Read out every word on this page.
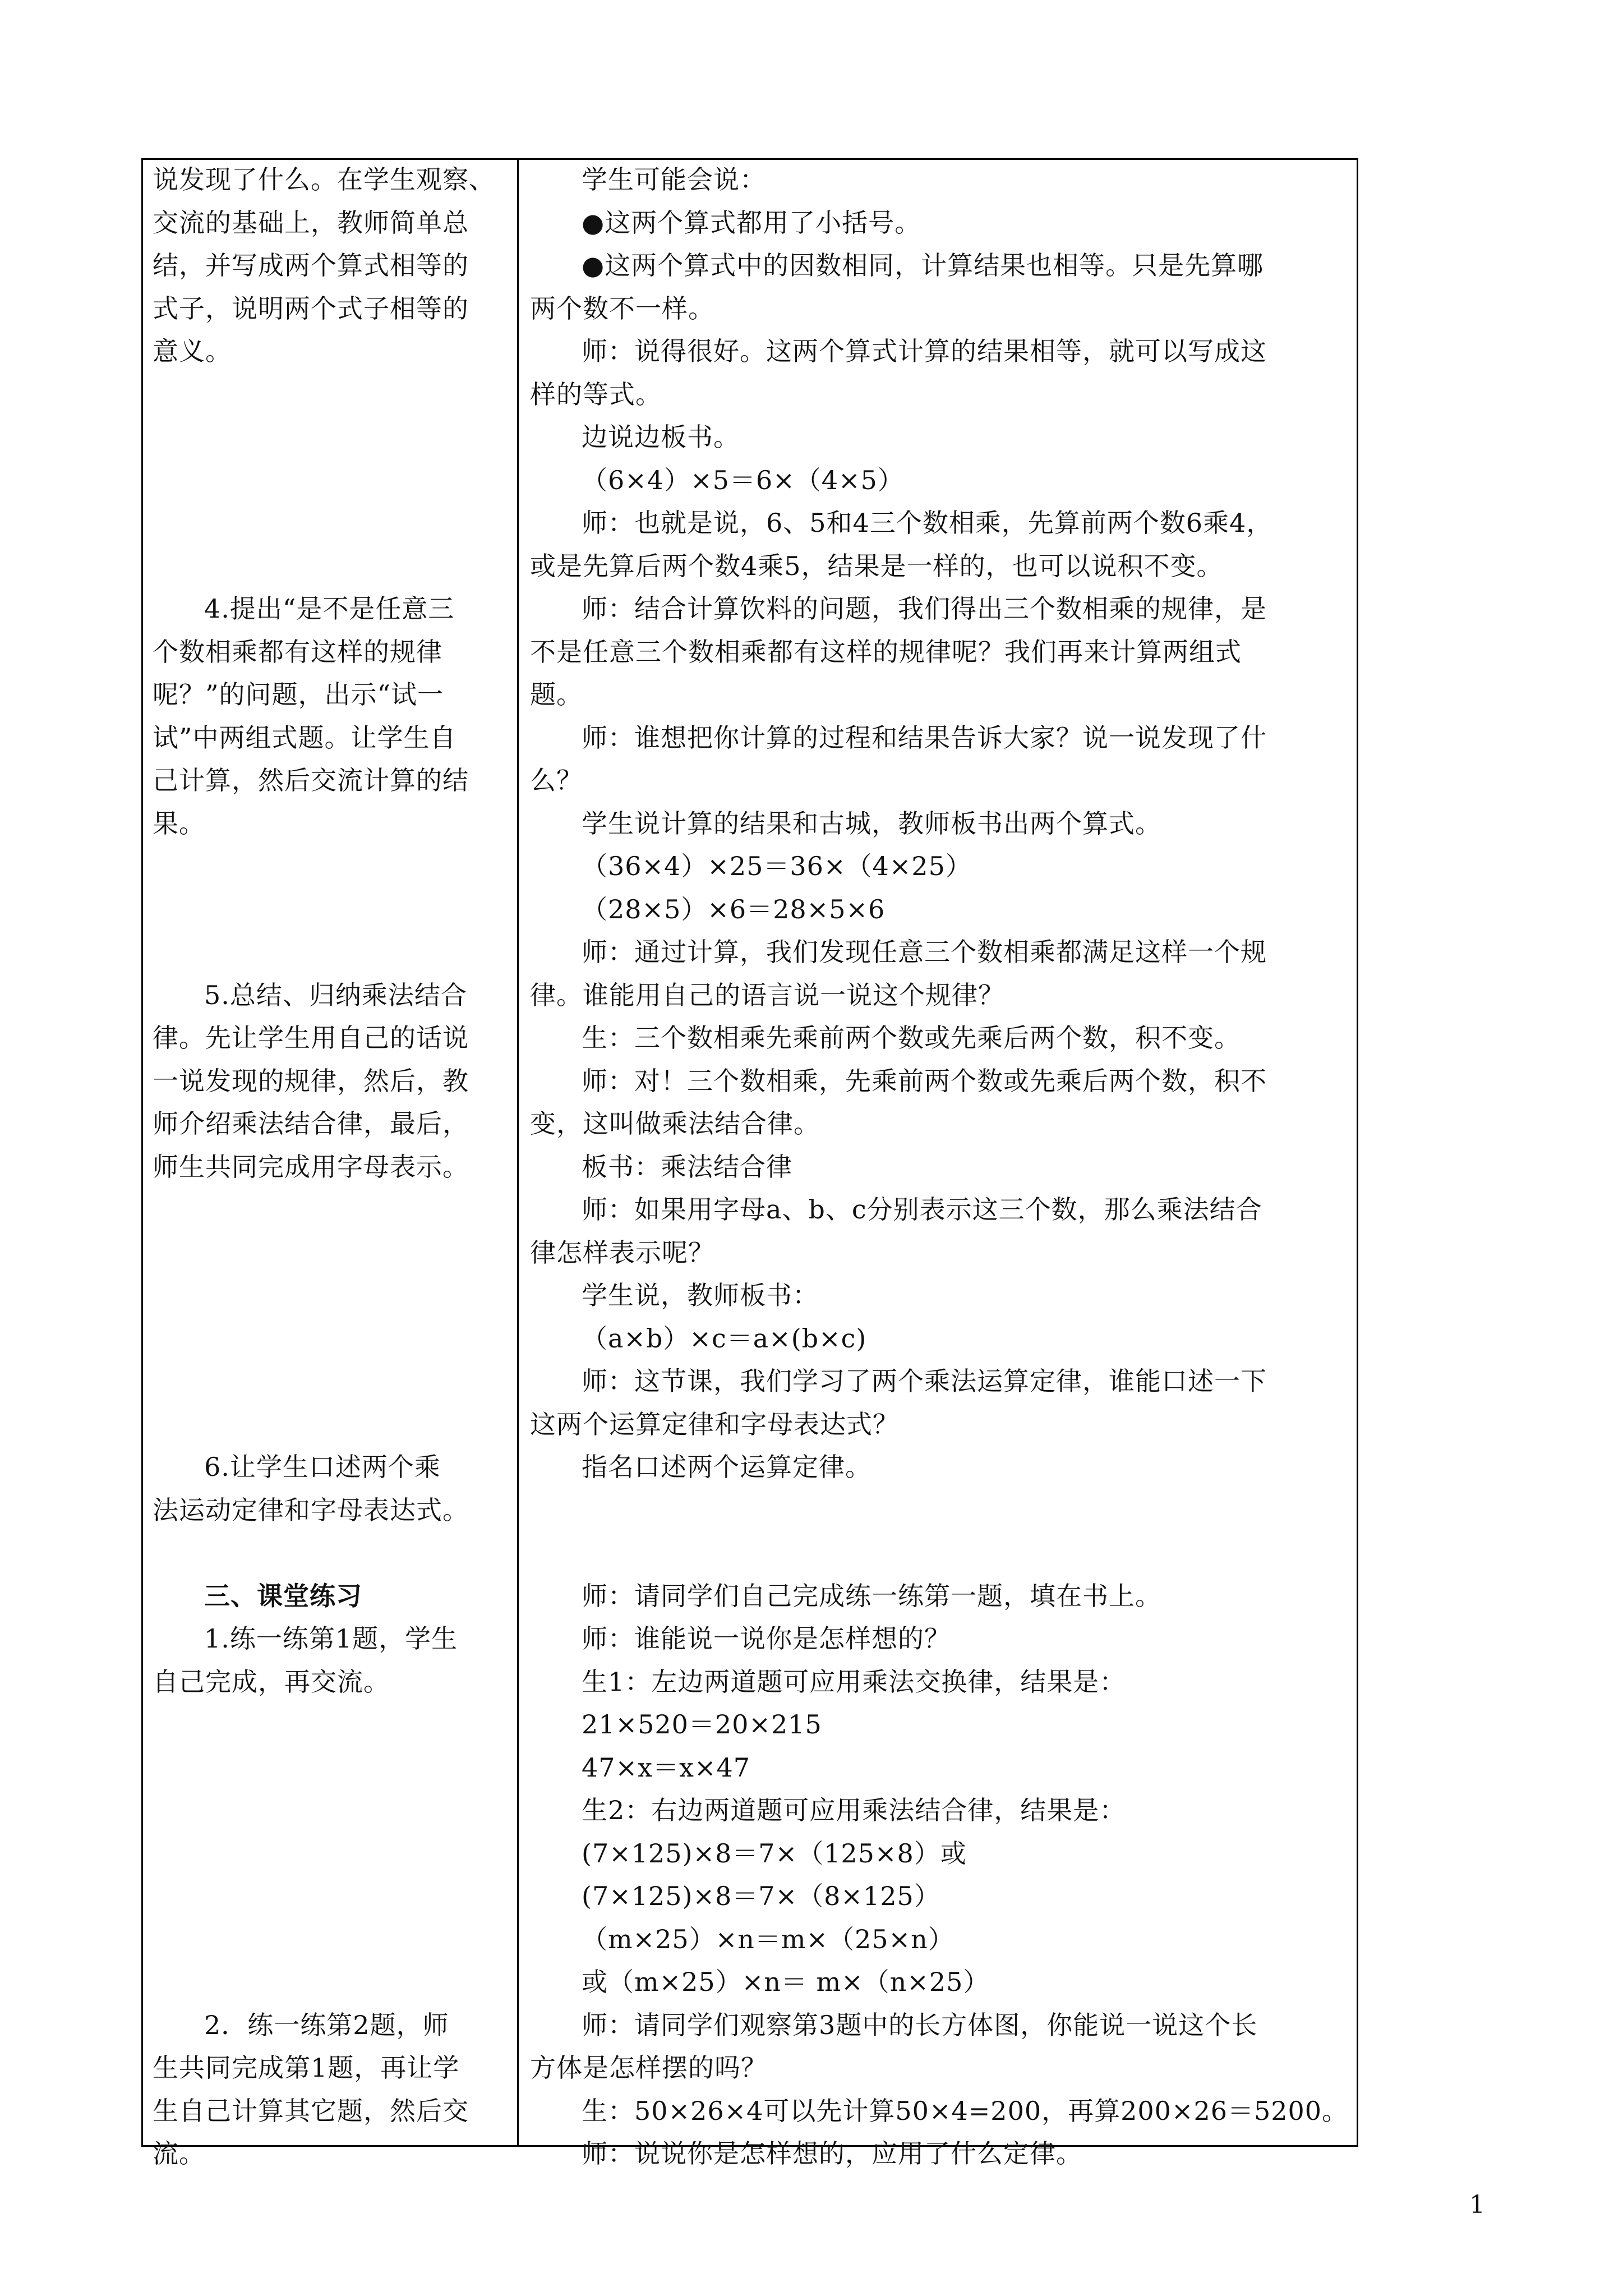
说发现了什么。在学生观察、
交流的基础上，教师简单总
结，并写成两个算式相等的
式子，说明两个式子相等的
意义。
4.提出“是不是任意三
个数相乘都有这样的规律
呢？”的问题，出示“试一
试”中两组式题。让学生自
己计算，然后交流计算的结
果。
5.总结、归纳乘法结合
律。先让学生用自己的话说
一说发现的规律，然后，教
师介绍乘法结合律，最后，
师生共同完成用字母表示。
6.让学生口述两个乘
法运动定律和字母表达式。
三、课堂练习
1.练一练第1题，学生
自己完成，再交流。
2．练一练第2题，师
生共同完成第1题，再让学
生自己计算其它题，然后交
流。
学生可能会说：
●这两个算式都用了小括号。
●这两个算式中的因数相同，计算结果也相等。只是先算哪
两个数不一样。
师：说得很好。这两个算式计算的结果相等，就可以写成这
样的等式。
边说边板书。
（6×4）×5＝6×（4×5）
师：也就是说，6、5和4三个数相乘，先算前两个数6乘4，
或是先算后两个数4乘5，结果是一样的，也可以说积不变。
师：结合计算饮料的问题，我们得出三个数相乘的规律，是
不是任意三个数相乘都有这样的规律呢？我们再来计算两组式
题。
师：谁想把你计算的过程和结果告诉大家？说一说发现了什
么？
学生说计算的结果和古城，教师板书出两个算式。
（36×4）×25＝36×（4×25）
（28×5）×6＝28×5×6
师：通过计算，我们发现任意三个数相乘都满足这样一个规
律。谁能用自己的语言说一说这个规律？
生：三个数相乘先乘前两个数或先乘后两个数，积不变。
师：对！三个数相乘，先乘前两个数或先乘后两个数，积不
变，这叫做乘法结合律。
板书：乘法结合律
师：如果用字母a、b、c分别表示这三个数，那么乘法结合
律怎样表示呢？
学生说，教师板书：
（a×b）×c＝a×(b×c)
师：这节课，我们学习了两个乘法运算定律，谁能口述一下
这两个运算定律和字母表达式？
指名口述两个运算定律。
师：请同学们自己完成练一练第一题，填在书上。
师：谁能说一说你是怎样想的？
生1：左边两道题可应用乘法交换律，结果是：
21×520＝20×215
47×x＝x×47
生2：右边两道题可应用乘法结合律，结果是：
(7×125)×8＝7×（125×8）或
(7×125)×8＝7×（8×125）
（m×25）×n＝m×（25×n）
或（m×25）×n＝ m×（n×25）
师：请同学们观察第3题中的长方体图，你能说一说这个长
方体是怎样摆的吗？
生：50×26×4可以先计算50×4=200，再算200×26＝5200。
师：说说你是怎样想的，应用了什么定律。
1
